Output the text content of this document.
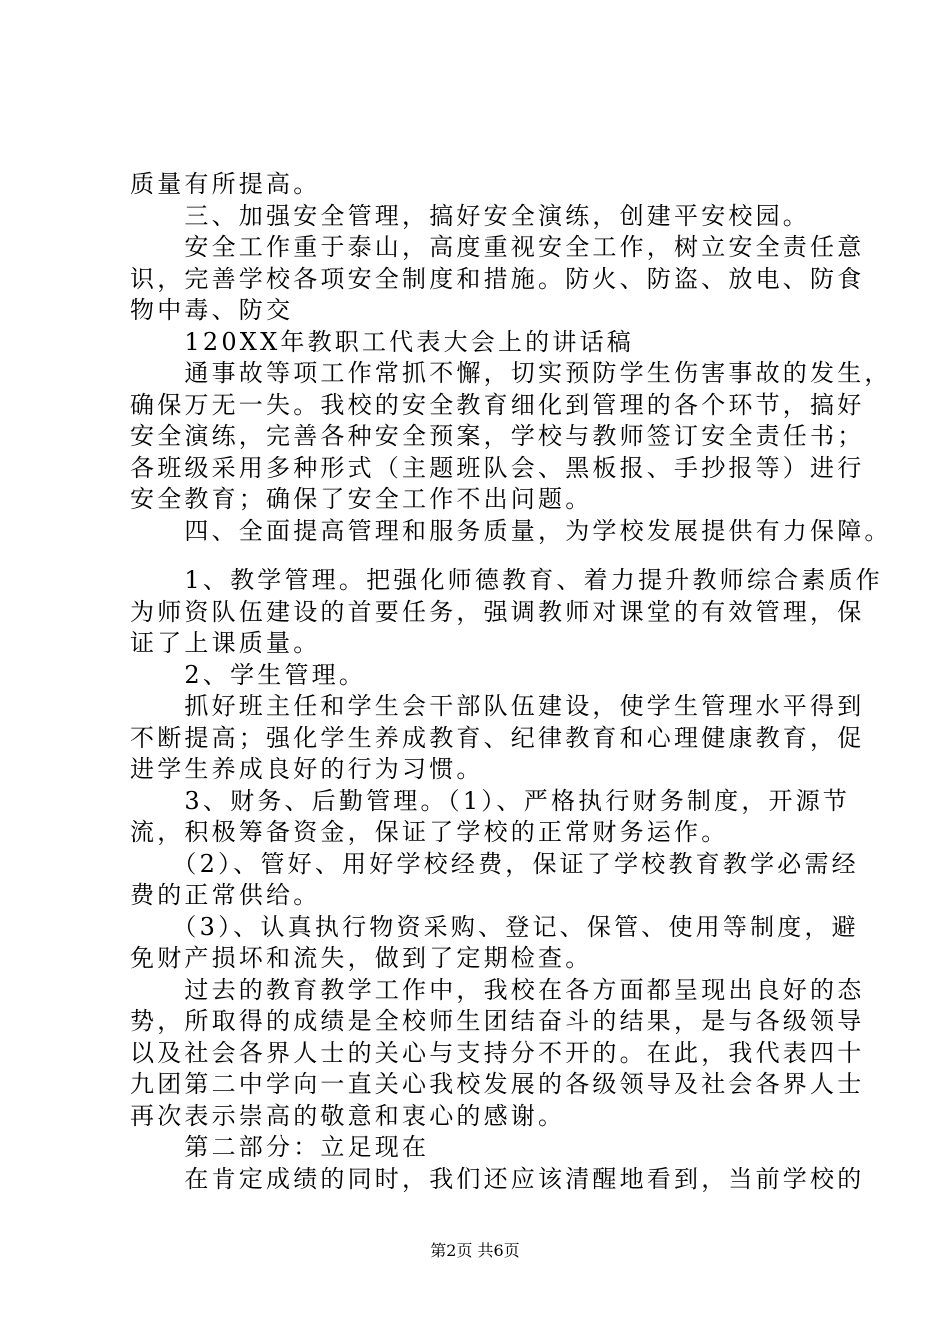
质量有所提高。
　　三、加强安全管理，搞好安全演练，创建平安校园。
　　安全工作重于泰山，高度重视安全工作，树立安全责任意
识，完善学校各项安全制度和措施。防火、防盗、放电、防食
物中毒、防交
　　120XX年教职工代表大会上的讲话稿
　　通事故等项工作常抓不懈，切实预防学生伤害事故的发生，
确保万无一失。我校的安全教育细化到管理的各个环节，搞好
安全演练，完善各种安全预案，学校与教师签订安全责任书；
各班级采用多种形式（主题班队会、黑板报、手抄报等）进行
安全教育；确保了安全工作不出问题。
　　四、全面提高管理和服务质量，为学校发展提供有力保障。
　　1、教学管理。把强化师德教育、着力提升教师综合素质作
为师资队伍建设的首要任务，强调教师对课堂的有效管理，保
证了上课质量。
　　2、学生管理。
　　抓好班主任和学生会干部队伍建设，使学生管理水平得到
不断提高；强化学生养成教育、纪律教育和心理健康教育，促
进学生养成良好的行为习惯。
　　3、财务、后勤管理。（1）、严格执行财务制度，开源节
流，积极筹备资金，保证了学校的正常财务运作。
　　（2）、管好、用好学校经费，保证了学校教育教学必需经
费的正常供给。
　　（3）、认真执行物资采购、登记、保管、使用等制度，避
免财产损坏和流失，做到了定期检查。
　　过去的教育教学工作中，我校在各方面都呈现出良好的态
势，所取得的成绩是全校师生团结奋斗的结果，是与各级领导
以及社会各界人士的关心与支持分不开的。在此，我代表四十
九团第二中学向一直关心我校发展的各级领导及社会各界人士
再次表示崇高的敬意和衷心的感谢。
　　第二部分：立足现在
　　在肯定成绩的同时，我们还应该清醒地看到，当前学校的
第2页 共6页
